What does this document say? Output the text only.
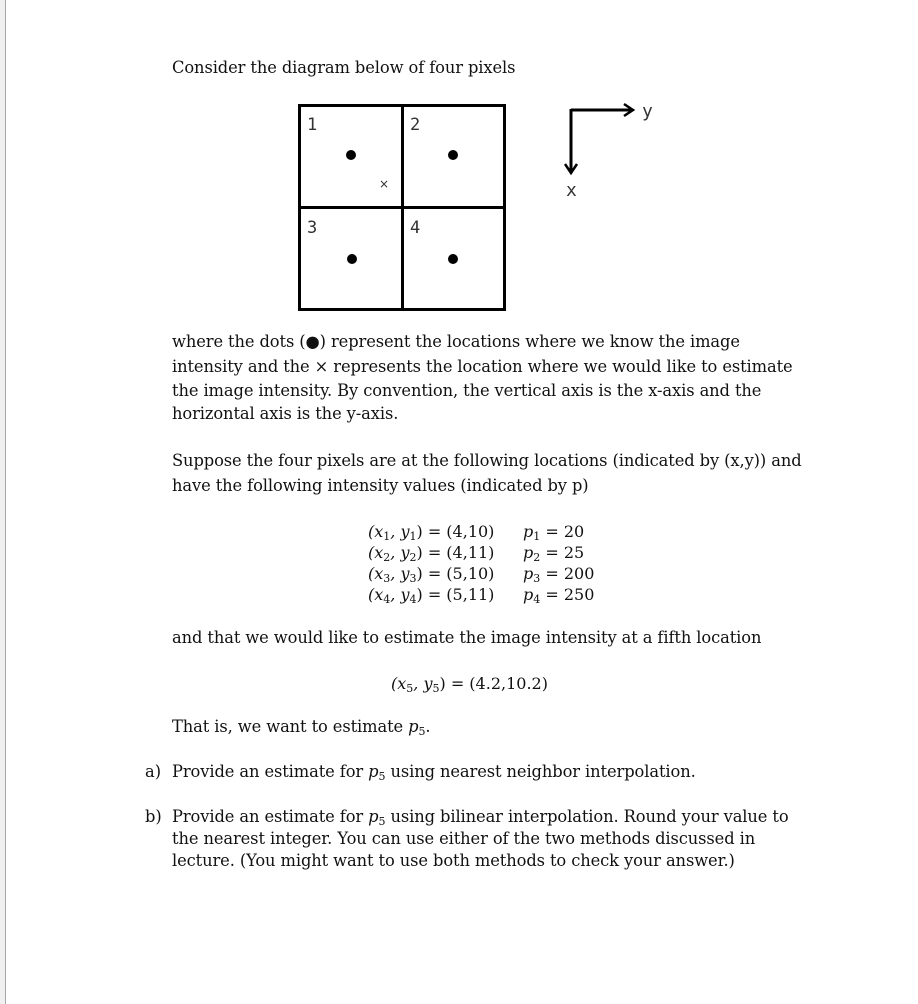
Consider the diagram below of four pixels
1	2
3	4
×
y
x
where the dots (●) represent the locations where we know the image
intensity and the × represents the location where we would like to estimate
the image intensity. By convention, the vertical axis is the x-axis and the
horizontal axis is the y-axis.
Suppose the four pixels are at the following locations (indicated by (x,y)) and
have the following intensity values (indicated by p)
($x_1$, $y_1) = (4,10)$ $p_1 = 20$
($x_2$, $y_2) = (4,11)$ $p_2 = 25$
($x_3$, $y_3) = (5,10)$ $p_3 = 200$
($x_4$, $y_4) = (5,11)$ $p_4 = 250$
and that we would like to estimate the image intensity at a fifth location
($x_5$, $y_5) = (4.2,10.2)$
That is, we want to estimate $p_5$.
a) Provide an estimate for $p_5$ using nearest neighbor interpolation.
b) Provide an estimate for $p_5$ using bilinear interpolation. Round your value to
the nearest integer. You can use either of the two methods discussed in
lecture. (You might want to use both methods to check your answer.)
